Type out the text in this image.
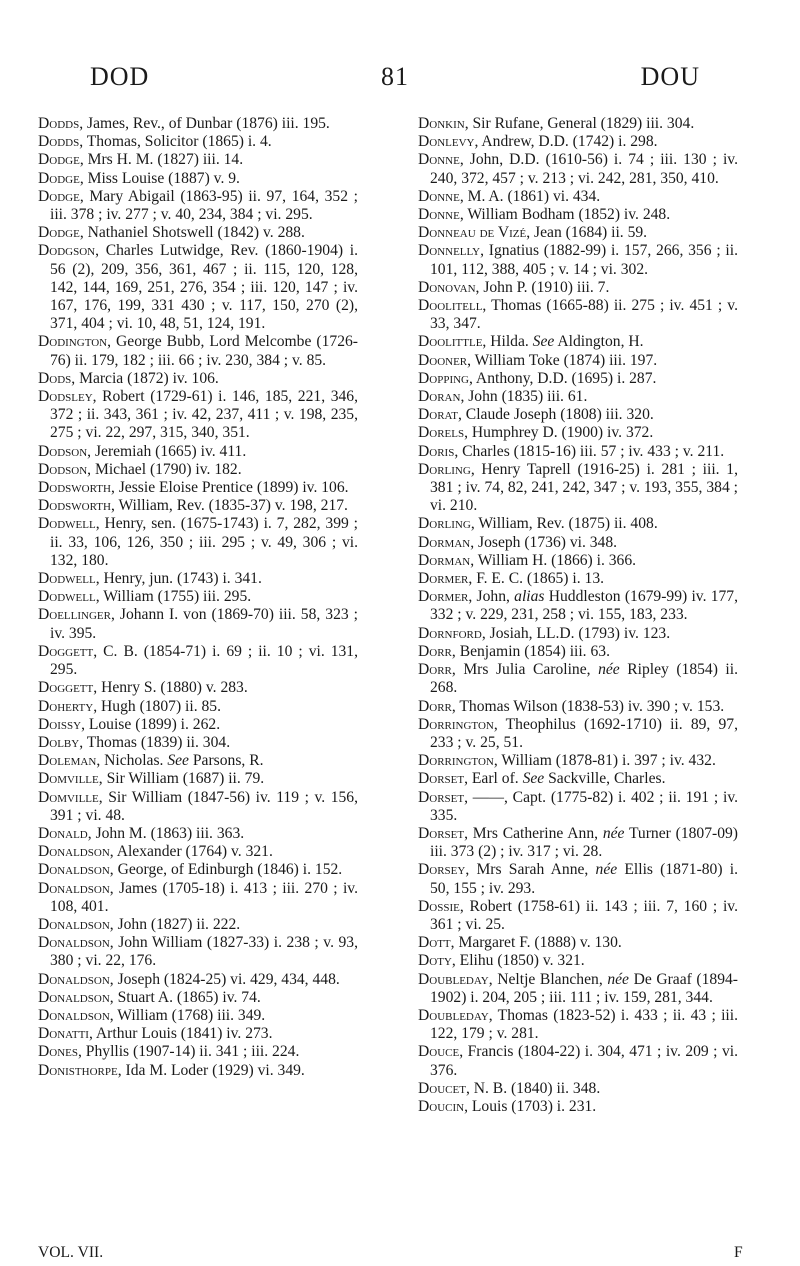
DOD	81	DOU

Dodds, James, Rev., of Dunbar (1876) iii. 195.

Dodds, Thomas, Solicitor (1865) i. 4.

Dodge, Mrs H. M. (1827) iii. 14.

Dodge, Miss Louise (1887) v. 9.

Dodge, Mary Abigail (1863-95) ii. 97, 164, 352 ; iii. 378 ; iv. 277 ; v. 40, 234, 384 ; vi. 295.

Dodge, Nathaniel Shotswell (1842) v. 288.

Dodgson, Charles Lutwidge, Rev. (1860-1904) i. 56 (2), 209, 356, 361, 467 ; ii. 115, 120, 128, 142, 144, 169, 251, 276, 354 ; iii. 120, 147 ; iv. 167, 176, 199, 331 430 ; v. 117, 150, 270 (2), 371, 404 ; vi. 10, 48, 51, 124, 191.

Dodington, George Bubb, Lord Melcombe (1726-76) ii. 179, 182 ; iii. 66 ; iv. 230, 384 ; v. 85.

Dods, Marcia (1872) iv. 106.

Dodsley, Robert (1729-61) i. 146, 185, 221, 346, 372 ; ii. 343, 361 ; iv. 42, 237, 411 ; v. 198, 235, 275 ; vi. 22, 297, 315, 340, 351.

Dodson, Jeremiah (1665) iv. 411.

Dodson, Michael (1790) iv. 182.

Dodsworth, Jessie Eloise Prentice (1899) iv. 106.

Dodsworth, William, Rev. (1835-37) v. 198, 217.

Dodwell, Henry, sen. (1675-1743) i. 7, 282, 399 ; ii. 33, 106, 126, 350 ; iii. 295 ; v. 49, 306 ; vi. 132, 180.

Dodwell, Henry, jun. (1743) i. 341.

Dodwell, William (1755) iii. 295.

Doellinger, Johann I. von (1869-70) iii. 58, 323 ; iv. 395.

Doggett, C. B. (1854-71) i. 69 ; ii. 10 ; vi. 131, 295.

Doggett, Henry S. (1880) v. 283.

Doherty, Hugh (1807) ii. 85.

Doissy, Louise (1899) i. 262.

Dolby, Thomas (1839) ii. 304.

Doleman, Nicholas. See Parsons, R.

Domville, Sir William (1687) ii. 79.

Domville, Sir William (1847-56) iv. 119 ; v. 156, 391 ; vi. 48.

Donald, John M. (1863) iii. 363.

Donaldson, Alexander (1764) v. 321.

Donaldson, George, of Edinburgh (1846) i. 152.

Donaldson, James (1705-18) i. 413 ; iii. 270 ; iv. 108, 401.

Donaldson, John (1827) ii. 222.

Donaldson, John William (1827-33) i. 238 ; v. 93, 380 ; vi. 22, 176.

Donaldson, Joseph (1824-25) vi. 429, 434, 448.

Donaldson, Stuart A. (1865) iv. 74.

Donaldson, William (1768) iii. 349.

Donatti, Arthur Louis (1841) iv. 273.

Dones, Phyllis (1907-14) ii. 341 ; iii. 224.

Donisthorpe, Ida M. Loder (1929) vi. 349.

Donkin, Sir Rufane, General (1829) iii. 304.

Donlevy, Andrew, D.D. (1742) i. 298.

Donne, John, D.D. (1610-56) i. 74 ; iii. 130 ; iv. 240, 372, 457 ; v. 213 ; vi. 242, 281, 350, 410.

Donne, M. A. (1861) vi. 434.

Donne, William Bodham (1852) iv. 248.

Donneau de Vizé, Jean (1684) ii. 59.

Donnelly, Ignatius (1882-99) i. 157, 266, 356 ; ii. 101, 112, 388, 405 ; v. 14 ; vi. 302.

Donovan, John P. (1910) iii. 7.

Doolitell, Thomas (1665-88) ii. 275 ; iv. 451 ; v. 33, 347.

Doolittle, Hilda. See Aldington, H.

Dooner, William Toke (1874) iii. 197.

Dopping, Anthony, D.D. (1695) i. 287.

Doran, John (1835) iii. 61.

Dorat, Claude Joseph (1808) iii. 320.

Dorels, Humphrey D. (1900) iv. 372.

Doris, Charles (1815-16) iii. 57 ; iv. 433 ; v. 211.

Dorling, Henry Taprell (1916-25) i. 281 ; iii. 1, 381 ; iv. 74, 82, 241, 242, 347 ; v. 193, 355, 384 ; vi. 210.

Dorling, William, Rev. (1875) ii. 408.

Dorman, Joseph (1736) vi. 348.

Dorman, William H. (1866) i. 366.

Dormer, F. E. C. (1865) i. 13.

Dormer, John, alias Huddleston (1679-99) iv. 177, 332 ; v. 229, 231, 258 ; vi. 155, 183, 233.

Dornford, Josiah, LL.D. (1793) iv. 123.

Dorr, Benjamin (1854) iii. 63.

Dorr, Mrs Julia Caroline, née Ripley (1854) ii. 268.

Dorr, Thomas Wilson (1838-53) iv. 390 ; v. 153.

Dorrington, Theophilus (1692-1710) ii. 89, 97, 233 ; v. 25, 51.

Dorrington, William (1878-81) i. 397 ; iv. 432.

Dorset, Earl of. See Sackville, Charles.

Dorset, ——, Capt. (1775-82) i. 402 ; ii. 191 ; iv. 335.

Dorset, Mrs Catherine Ann, née Turner (1807-09) iii. 373 (2) ; iv. 317 ; vi. 28.

Dorsey, Mrs Sarah Anne, née Ellis (1871-80) i. 50, 155 ; iv. 293.

Dossie, Robert (1758-61) ii. 143 ; iii. 7, 160 ; iv. 361 ; vi. 25.

Dott, Margaret F. (1888) v. 130.

Doty, Elihu (1850) v. 321.

Doubleday, Neltje Blanchen, née De Graaf (1894-1902) i. 204, 205 ; iii. 111 ; iv. 159, 281, 344.

Doubleday, Thomas (1823-52) i. 433 ; ii. 43 ; iii. 122, 179 ; v. 281.

Douce, Francis (1804-22) i. 304, 471 ; iv. 209 ; vi. 376.

Doucet, N. B. (1840) ii. 348.

Doucin, Louis (1703) i. 231.

VOL. VII.	F
